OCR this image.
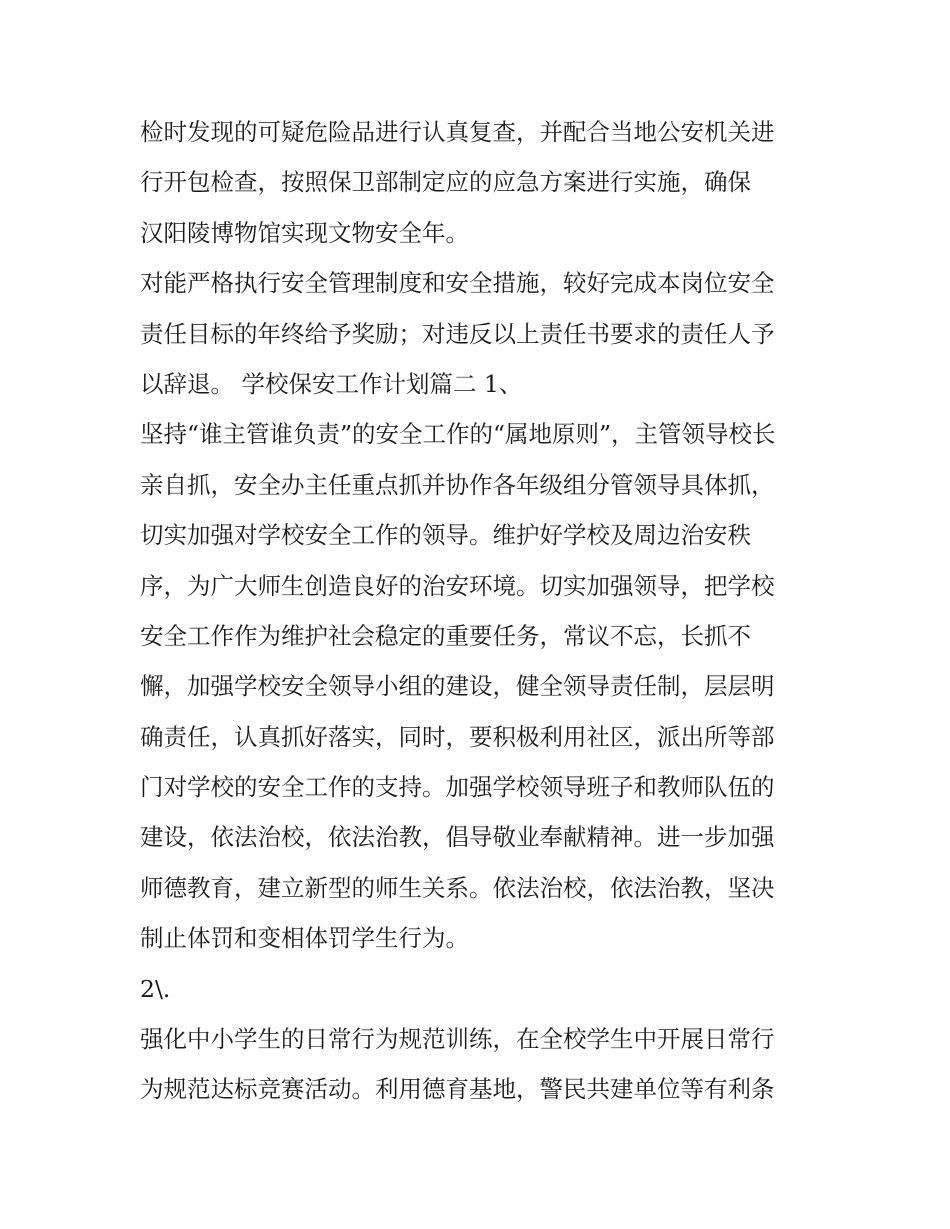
检时发现的可疑危险品进行认真复查，并配合当地公安机关进
行开包检查，按照保卫部制定应的应急方案进行实施，确保
汉阳陵博物馆实现文物安全年。
对能严格执行安全管理制度和安全措施，较好完成本岗位安全
责任目标的年终给予奖励；对违反以上责任书要求的责任人予
以辞退。 学校保安工作计划篇二 1、
坚持“谁主管谁负责”的安全工作的“属地原则”，主管领导校长
亲自抓，安全办主任重点抓并协作各年级组分管领导具体抓，
切实加强对学校安全工作的领导。维护好学校及周边治安秩
序，为广大师生创造良好的治安环境。切实加强领导，把学校
安全工作作为维护社会稳定的重要任务，常议不忘，长抓不
懈，加强学校安全领导小组的建设，健全领导责任制，层层明
确责任，认真抓好落实，同时，要积极利用社区，派出所等部
门对学校的安全工作的支持。加强学校领导班子和教师队伍的
建设，依法治校，依法治教，倡导敬业奉献精神。进一步加强
师德教育，建立新型的师生关系。依法治校，依法治教，坚决
制止体罚和变相体罚学生行为。
2\.
强化中小学生的日常行为规范训练，在全校学生中开展日常行
为规范达标竞赛活动。利用德育基地，警民共建单位等有利条
